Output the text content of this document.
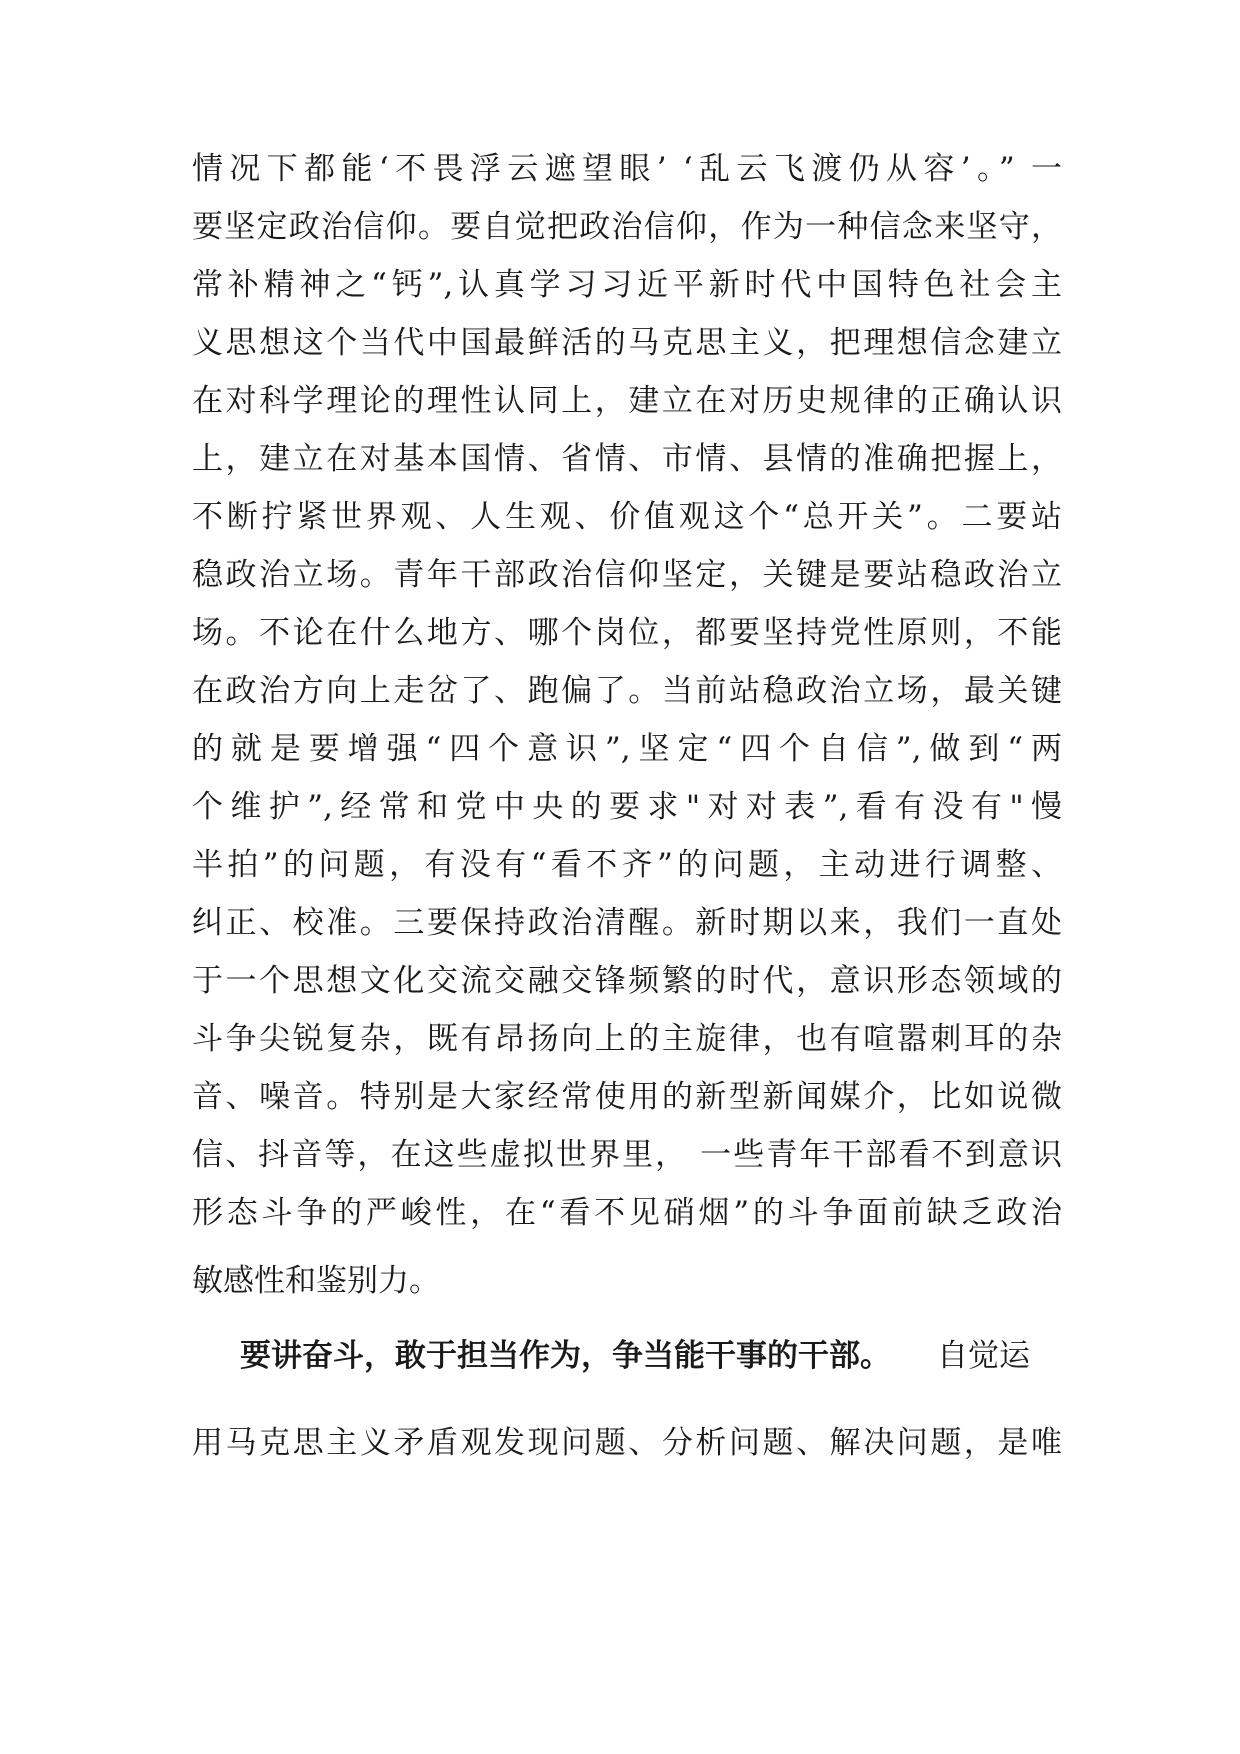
情况下都能‘不畏浮云遮望眼’ ‘乱云飞渡仍从容’。” 一
要坚定政治信仰。要自觉把政治信仰，作为一种信念来坚守，
常补精神之“钙”,认真学习习近平新时代中国特色社会主
义思想这个当代中国最鲜活的马克思主义，把理想信念建立
在对科学理论的理性认同上，建立在对历史规律的正确认识
上，建立在对基本国情、省情、市情、县情的准确把握上，
不断拧紧世界观、人生观、价值观这个“总开关”。二要站
稳政治立场。青年干部政治信仰坚定，关键是要站稳政治立
场。不论在什么地方、哪个岗位，都要坚持党性原则，不能
在政治方向上走岔了、跑偏了。当前站稳政治立场，最关键
的就是要增强“四个意识”,坚定“四个自信”,做到“两
个维护”,经常和党中央的要求"对对表”,看有没有"慢
半拍”的问题，有没有“看不齐”的问题，主动进行调整、
纠正、校准。三要保持政治清醒。新时期以来，我们一直处
于一个思想文化交流交融交锋频繁的时代，意识形态领域的
斗争尖锐复杂，既有昂扬向上的主旋律，也有喧嚣刺耳的杂
音、噪音。特别是大家经常使用的新型新闻媒介，比如说微
信、抖音等，在这些虚拟世界里， 一些青年干部看不到意识
形态斗争的严峻性，在“看不见硝烟”的斗争面前缺乏政治
敏感性和鉴别力。
要讲奋斗，敢于担当作为，争当能干事的干部。 自觉运
用马克思主义矛盾观发现问题、分析问题、解决问题，是唯
